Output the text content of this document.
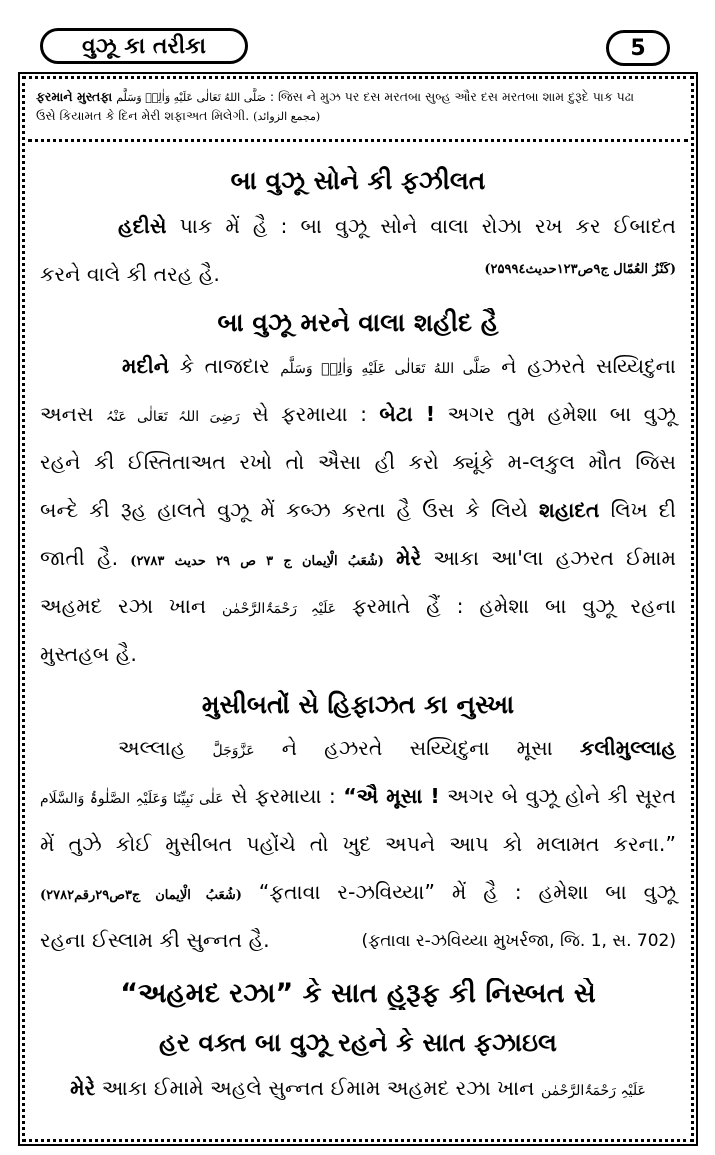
વુઝૂ કા તરીકા	5
ફરમાને મુસ્તફા صَلَّى اللهُ تَعَالٰى عَلَيْهِ وَاٰلِهٖ وَسَلَّم : જિસ ને મુઝ પર દસ મરતબા સુબ્હ ઔર દસ મરતબા શામ દુરૂદે પાક પઢા
ઉસે કિયામત કે દિન મેરી શફાઅત મિલેગી. (مجمع الزوائد)
બા વુઝૂ સોને કી ફઝીલત
હદીસે પાક મેં હૈ : બા વુઝૂ સોને વાલા રોઝા રખ કર ઈબાદત
કરને વાલે કી તરહ હૈ.	(کَنْزُ الْعُمّال ج۹ص۱۲۳حدیث۲۵۹۹٤)
બા વુઝૂ મરને વાલા શહીદ હૈ
મદીને કે તાજદાર صَلَّى اللهُ تَعَالٰى عَلَيْهِ وَاٰلِهٖ وَسَلَّم ને હઝરતે સય્યિદુના
અનસ رَضِیَ اللہُ تَعَالٰی عَنْہُ સે ફરમાયા : બેટા ! અગર તુમ હમેશા બા વુઝૂ
રહને કી ઈસ્તિતાઅત રખો તો ઐસા હી કરો ક્યૂંકે મ-લકુલ મૌત જિસ
બન્દે કી રૂહ હાલતે વુઝૂ મેં કબ્ઝ કરતા હૈ ઉસ કે લિયે શહાદત લિખ દી
જાતી હૈ. (شُعَبُ الْاِیمان ج ۳ ص ۲۹ حدیث ۲۷۸۳) મેરે આકા આ'લા હઝરત ઈમામ
અહમદ રઝા ખાન عَلَیْہِ رَحْمَۃُالرَّحْمٰن ફરમાતે હૈં : હમેશા બા વુઝૂ રહના
મુસ્તહબ હૈ.
મુસીબતોં સે હિફાઝત કા નુસ્ખા
અલ્લાહ عَزَّوَجَلَّ ને હઝરતે સય્યિદુના મૂસા કલીમુલ્લાહ
عَلٰی نَبِیِّنَا وَعَلَیْہِ الصَّلٰوۃُ وَالسَّلَام સે ફરમાયા : “ઐ મૂસા ! અગર બે વુઝૂ હોને કી સૂરત
મેં તુઝે કોઈ મુસીબત પહોંચે તો ખુદ અપને આપ કો મલામત કરના.”
(شُعَبُ الْاِیمان ج۳ص۲۹رقم۲۷۸۲) “ફતાવા ર-ઝવિય્યા” મેં હૈ : હમેશા બા વુઝૂ
રહના ઈસ્લામ કી સુન્નત હૈ.	(ફતાવા ર-ઝવિય્યા મુખર્રજા, જિ. 1, સ. 702)
“અહમદ રઝા” કે સાત હુરૂફ કી નિસ્બત સે
હર વક્ત બા વુઝૂ રહને કે સાત ફઝાઇલ
મેરે આકા ઈમામે અહલે સુન્નત ઈમામ અહમદ રઝા ખાન عَلَیْہِ رَحْمَۃُالرَّحْمٰن
